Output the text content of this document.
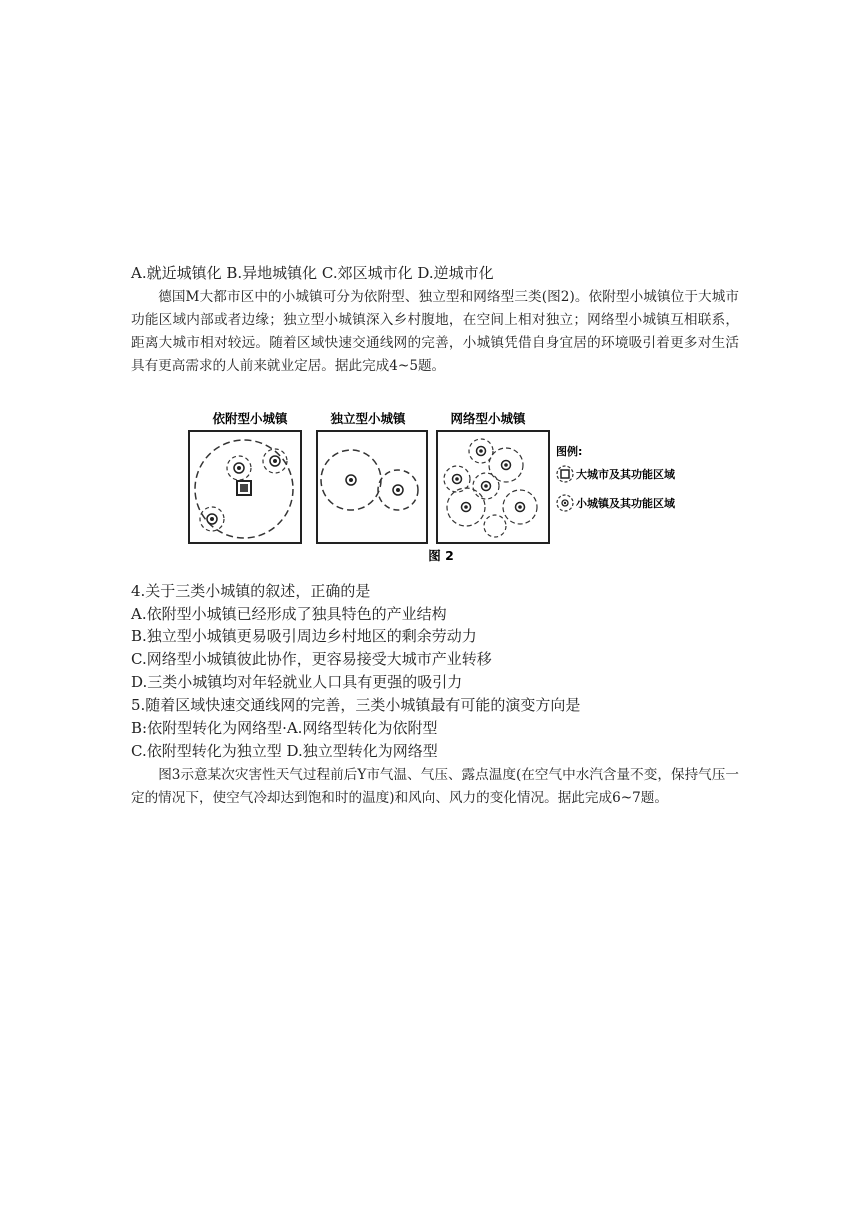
A.就近城镇化 B.异地城镇化 C.郊区城市化 D.逆城市化
德国M大都市区中的小城镇可分为依附型、独立型和网络型三类(图2)。依附型小城镇位于大城市功能区域内部或者边缘；独立型小城镇深入乡村腹地，在空间上相对独立；网络型小城镇互相联系，距离大城市相对较远。随着区域快速交通线网的完善，小城镇凭借自身宜居的环境吸引着更多对生活具有更高需求的人前来就业定居。据此完成4~5题。
依附型小城镇	独立型小城镇	网络型小城镇
图例:
大城市及其功能区域
小城镇及其功能区域
图 2
4.关于三类小城镇的叙述，正确的是
A.依附型小城镇已经形成了独具特色的产业结构
B.独立型小城镇更易吸引周边乡村地区的剩余劳动力
C.网络型小城镇彼此协作，更容易接受大城市产业转移
D.三类小城镇均对年轻就业人口具有更强的吸引力
5.随着区域快速交通线网的完善，三类小城镇最有可能的演变方向是
B:依附型转化为网络型·A.网络型转化为依附型
C.依附型转化为独立型 D.独立型转化为网络型
图3示意某次灾害性天气过程前后Y市气温、气压、露点温度(在空气中水汽含量不变，保持气压一定的情况下，使空气冷却达到饱和时的温度)和风向、风力的变化情况。据此完成6~7题。
